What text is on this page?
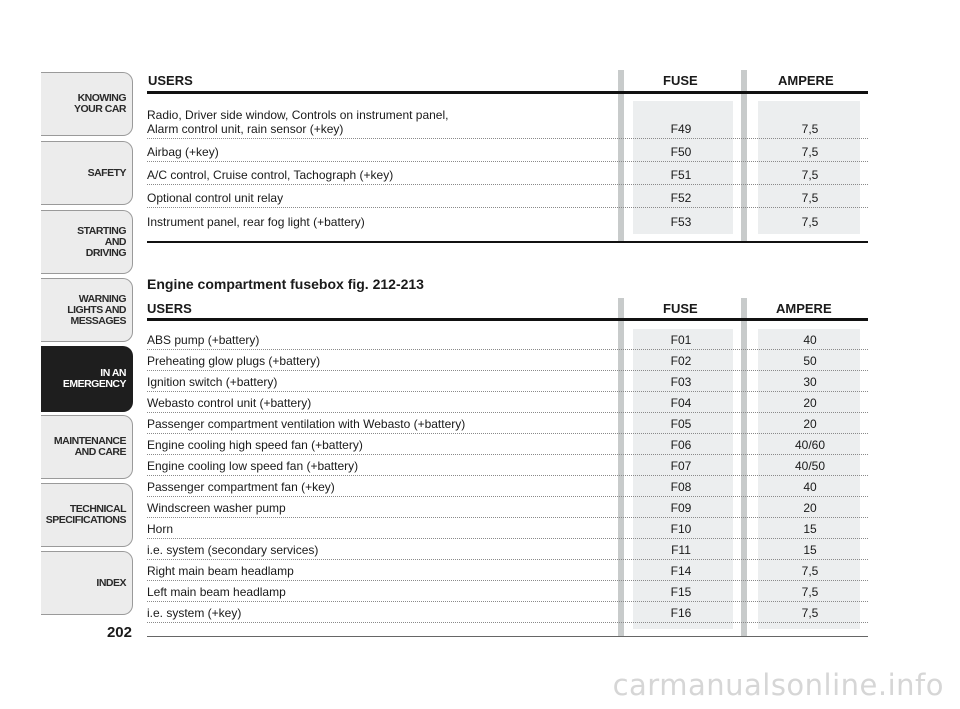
KNOWING
YOUR CAR
SAFETY
STARTING
AND
DRIVING
WARNING
LIGHTS AND
MESSAGES
IN AN
EMERGENCY
MAINTENANCE
AND CARE
TECHNICAL
SPECIFICATIONS
INDEX
202
USERS	FUSE	AMPERE
Radio, Driver side window, Controls on instrument panel,
Alarm control unit, rain sensor (+key)	F49	7,5
Airbag (+key)	F50	7,5
A/C control, Cruise control, Tachograph (+key)	F51	7,5
Optional control unit relay	F52	7,5
Instrument panel, rear fog light (+battery)	F53	7,5
Engine compartment fusebox fig. 212-213
USERS	FUSE	AMPERE
ABS pump (+battery)	F01	40
Preheating glow plugs (+battery)	F02	50
Ignition switch (+battery)	F03	30
Webasto control unit (+battery)	F04	20
Passenger compartment ventilation with Webasto (+battery)	F05	20
Engine cooling high speed fan (+battery)	F06	40/60
Engine cooling low speed fan (+battery)	F07	40/50
Passenger compartment fan (+key)	F08	40
Windscreen washer pump	F09	20
Horn	F10	15
i.e. system (secondary services)	F11	15
Right main beam headlamp	F14	7,5
Left main beam headlamp	F15	7,5
i.e. system (+key)	F16	7,5
carmanualsonline.info
